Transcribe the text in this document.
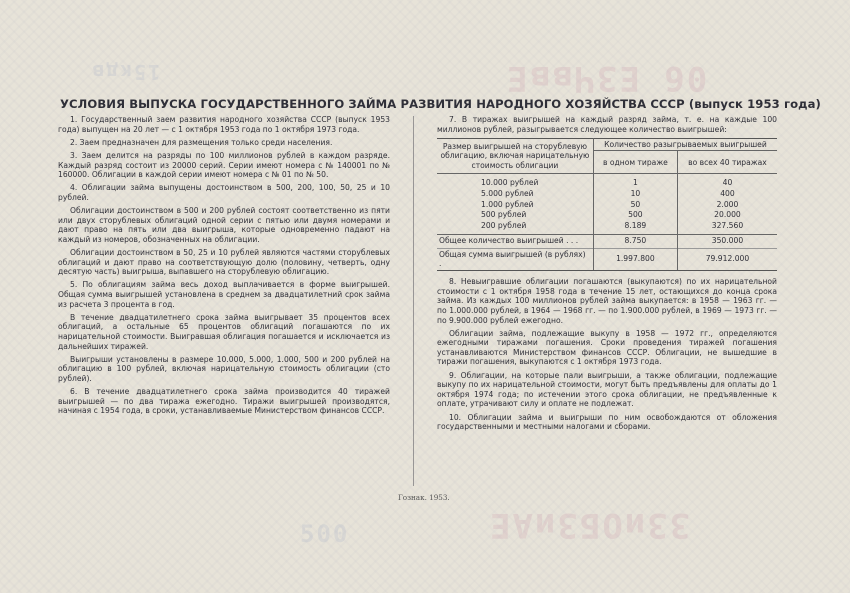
15кдв	06 ЕЗЧввЕ
ЗЗиОБЗиАЕ
500
УСЛОВИЯ ВЫПУСКА ГОСУДАРСТВЕННОГО ЗАЙМА РАЗВИТИЯ НАРОДНОГО ХОЗЯЙСТВА СССР (выпуск 1953 года)

1. Государственный заем развития народного хозяйства СССР (выпуск 1953 года) выпущен на 20 лет — с 1 октября 1953 года по 1 октября 1973 года.

2. Заем предназначен для размещения только среди населения.

3. Заем делится на разряды по 100 миллионов рублей в каждом разряде. Каждый разряд состоит из 20000 серий. Серии имеют номера с № 140001 по № 160000. Облигации в каждой серии имеют номера с № 01 по № 50.

4. Облигации займа выпущены достоинством в 500, 200, 100, 50, 25 и 10 рублей.

Облигации достоинством в 500 и 200 рублей состоят соответственно из пяти или двух сторублевых облигаций одной серии с пятью или двумя номерами и дают право на пять или два выигрыша, которые одновременно падают на каждый из номеров, обозначенных на облигации.

Облигации достоинством в 50, 25 и 10 рублей являются частями сторублевых облигаций и дают право на соответствующую долю (половину, четверть, одну десятую часть) выигрыша, выпавшего на сторублевую облигацию.

5. По облигациям займа весь доход выплачивается в форме выигрышей. Общая сумма выигрышей установлена в среднем за двадцатилетний срок займа из расчета 3 процента в год.

В течение двадцатилетнего срока займа выигрывает 35 процентов всех облигаций, а остальные 65 процентов облигаций погашаются по их нарицательной стоимости. Выигравшая облигация погашается и исключается из дальнейших тиражей.

Выигрыши установлены в размере 10.000, 5.000, 1.000, 500 и 200 рублей на облигацию в 100 рублей, включая нарицательную стоимость облигации (сто рублей).

6. В течение двадцатилетнего срока займа производится 40 тиражей выигрышей — по два тиража ежегодно. Тиражи выигрышей производятся, начиная с 1954 года, в сроки, устанавливаемые Министерством финансов СССР.

7. В тиражах выигрышей на каждый разряд займа, т. е. на каждые 100 миллионов рублей, разыгрывается следующее количество выигрышей:

Размер выигрышей на сторублевую облигацию, включая нарицательную стоимость облигации	Количество разыгрываемых выигрышей	
	в одном тираже	во всех 40 тиражах
10.000 рублей	1	40
5.000 рублей	10	400
1.000 рублей	50	2.000
500 рублей	500	20.000
200 рублей	8.189	327.560
Общее количество выигрышей . . .	8.750	350.000
Общая сумма выигрышей (в рублях) .	1.997.800	79.912.000

8. Невыигравшие облигации погашаются (выкупаются) по их нарицательной стоимости с 1 октября 1958 года в течение 15 лет, остающихся до конца срока займа. Из каждых 100 миллионов рублей займа выкупается: в 1958 — 1963 гг. — по 1.000.000 рублей, в 1964 — 1968 гг. — по 1.900.000 рублей, в 1969 — 1973 гг. — по 9.900.000 рублей ежегодно.

Облигации займа, подлежащие выкупу в 1958 — 1972 гг., определяются ежегодными тиражами погашения. Сроки проведения тиражей погашения устанавливаются Министерством финансов СССР. Облигации, не вышедшие в тиражи погашения, выкупаются с 1 октября 1973 года.

9. Облигации, на которые пали выигрыши, а также облигации, подлежащие выкупу по их нарицательной стоимости, могут быть предъявлены для оплаты до 1 октября 1974 года; по истечении этого срока облигации, не предъявленные к оплате, утрачивают силу и оплате не подлежат.

10. Облигации займа и выигрыши по ним освобождаются от обложения государственными и местными налогами и сборами.

Гознак. 1953.
